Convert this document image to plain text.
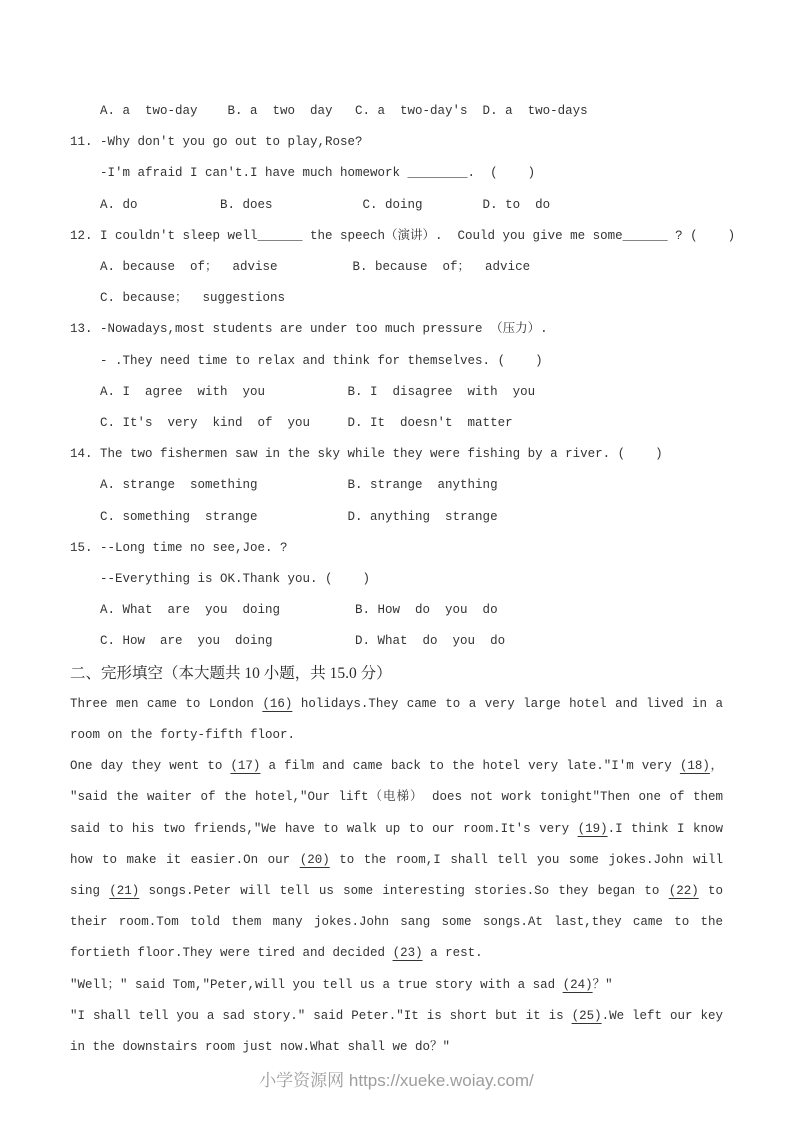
A. a  two-day    B. a  two  day   C. a  two-day's  D. a  two-days
11. -Why don't you go out to play,Rose?
-I'm afraid I can't.I have much homework ________.  (    )
A. do           B. does            C. doing        D. to  do
12. I couldn't sleep well______ the speech（演讲）.  Could you give me some______ ? (    )
A. because  of；  advise          B. because  of；  advice
C. because；  suggestions
13. -Nowadays,most students are under too much pressure （压力）.
- .They need time to relax and think for themselves. (    )
A. I  agree  with  you           B. I  disagree  with  you
C. It's  very  kind  of  you     D. It  doesn't  matter
14. The two fishermen saw in the sky while they were fishing by a river. (    )
A. strange  something            B. strange  anything
C. something  strange            D. anything  strange
15. --Long time no see,Joe. ?
--Everything is OK.Thank you. (    )
A. What  are  you  doing          B. How  do  you  do
C. How  are  you  doing           D. What  do  you  do
二、完形填空（本大题共 10 小题，共 15.0 分）

Three men came to London (16) holidays.They came to a very large hotel and lived in a room on the forty-fifth floor.

One day they went to (17) a film and came back to the hotel very late.″I'm very (18)，″said the waiter of the hotel,″Our lift（电梯） does not work tonight″Then one of them said to his two friends,″We have to walk up to our room.It's very (19).I think I know how to make it easier.On our (20) to the room,I shall tell you some jokes.John will sing (21) songs.Peter will tell us some interesting stories.So they began to (22) to their room.Tom told them many jokes.John sang some songs.At last,they came to the fortieth floor.They were tired and decided (23) a rest.

″Well；″ said Tom,″Peter,will you tell us a true story with a sad (24)？″

″I shall tell you a sad story.″ said Peter.″It is short but it is (25).We left our key in the downstairs room just now.What shall we do？″

小学资源网 https://xueke.woiay.com/
